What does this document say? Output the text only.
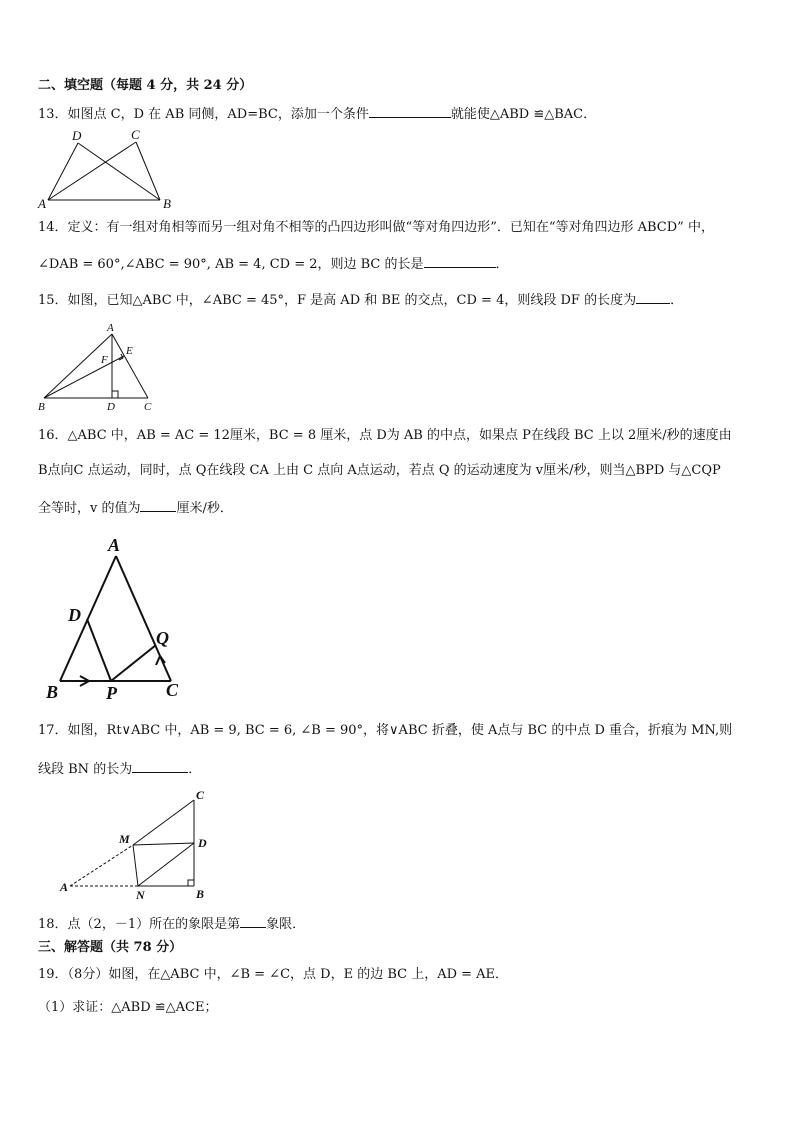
二、填空题（每题 4 分，共 24 分）
13．如图点 C，D 在 AB 同侧，AD=BC，添加一个条件	就能使△ABD ≌△BAC．
D	C
A	B
14．定义：有一组对角相等而另一组对角不相等的凸四边形叫做“等对角四边形”．已知在“等对角四边形 ABCD” 中，
∠DAB = 60°,∠ABC = 90°, AB = 4, CD = 2，则边 BC 的长是	．
15．如图，已知△ABC 中，∠ABC = 45°，F 是高 AD 和 BE 的交点，CD = 4，则线段 DF 的长度为	．
A
E
F
B	D	C
16．△ABC 中，AB = AC = 12厘米，BC = 8 厘米，点 D为 AB 的中点，如果点 P在线段 BC 上以 2厘米/秒的速度由
B点向C 点运动，同时，点 Q在线段 CA 上由 C 点向 A点运动，若点 Q 的运动速度为 v厘米/秒，则当△BPD 与△CQP
全等时，v 的值为	厘米/秒．
A
D
Q
B	P	C
17．如图，Rt∨ABC 中，AB = 9, BC = 6, ∠B = 90°，将∨ABC 折叠，使 A点与 BC 的中点 D 重合，折痕为 MN,则
线段 BN 的长为	．
C
M	D
A
N	B
18．点（2，－1）所在的象限是第 象限．
三、解答题（共 78 分）
19．（8分）如图，在△ABC 中，∠B = ∠C，点 D，E 的边 BC 上，AD = AE．
（1）求证：△ABD ≌△ACE；
